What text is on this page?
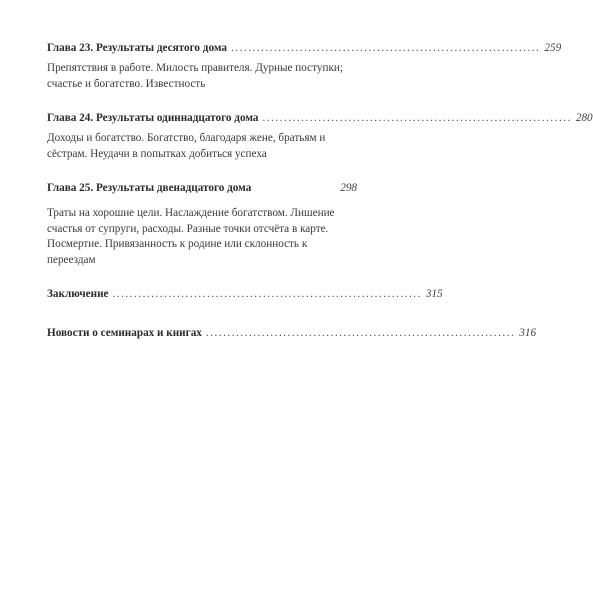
Глава 23. Результаты десятого дома ........................................................................ 259
Препятствия в работе. Милость правителя. Дурные поступки; счастье и богатство. Известность
Глава 24. Результаты одиннадцатого дома ........................................................................ 280
Доходы и богатство. Богатство, благодаря жене, братьям и сёстрам. Неудачи в попытках добиться успеха
Глава 25. Результаты двенадцатого дома	298
Траты на хорошие цели. Наслаждение богатством. Лишение счастья от супруги, расходы. Разные точки отсчёта в карте. Посмертие. Привязанность к родине или склонность к переездам
Заключение ........................................................................ 315
Новости о семинарах и книгах ........................................................................ 316
